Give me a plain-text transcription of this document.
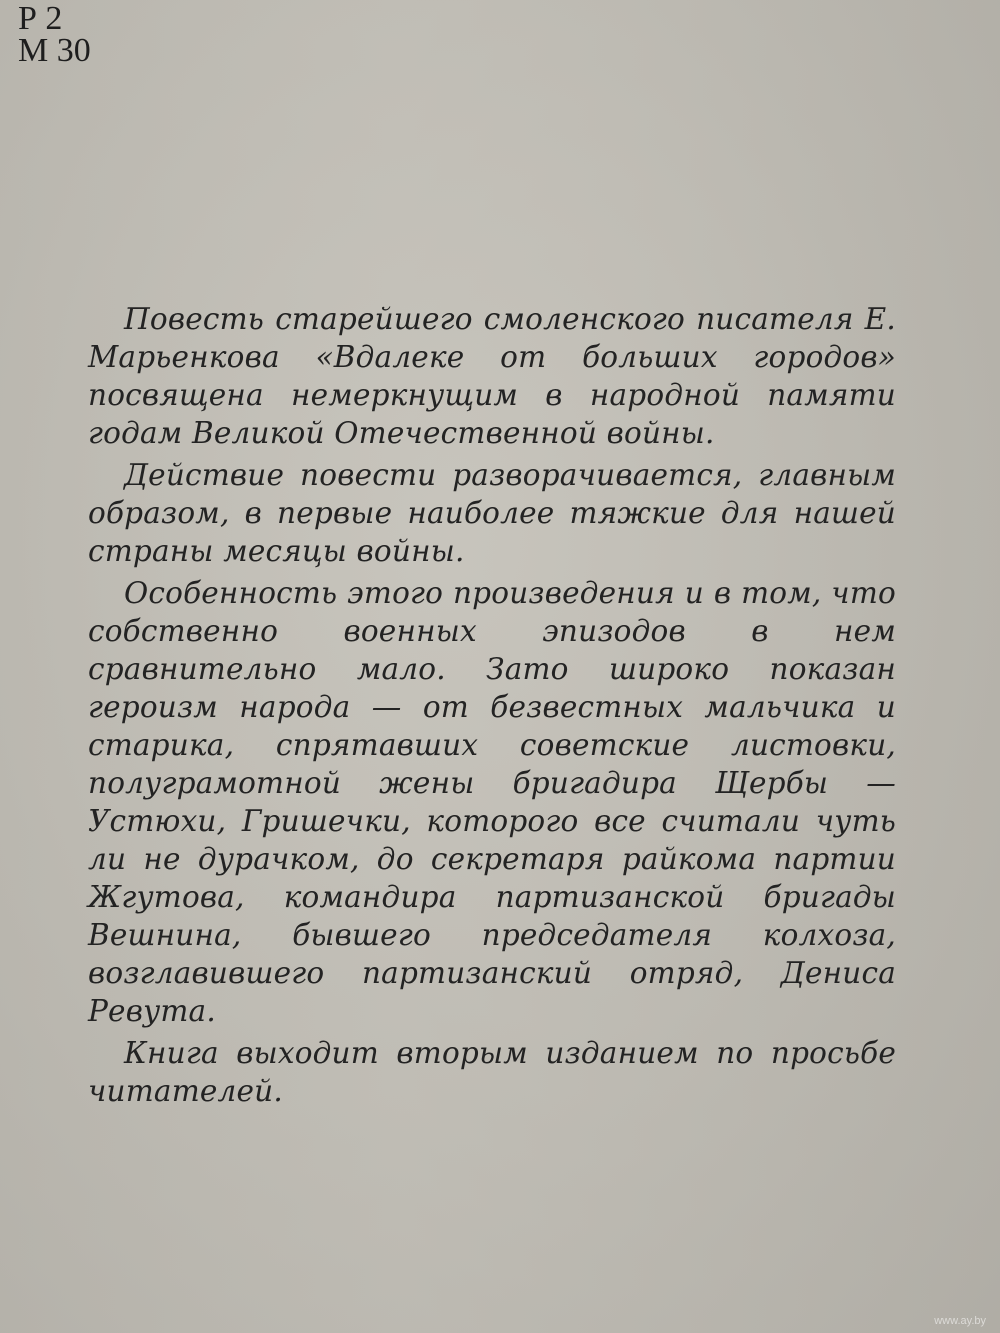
Р 2
М 30

Повесть старейшего смоленского писателя Е. Марьенкова «Вдалеке от больших городов» посвящена немеркнущим в народной памяти годам Великой Отечественной войны.

Действие повести разворачивается, главным образом, в первые наиболее тяжкие для нашей страны месяцы войны.

Особенность этого произведения и в том, что собственно военных эпизодов в нем сравнительно мало. Зато широко показан героизм народа — от безвестных мальчика и старика, спрятавших советские листовки, полуграмотной жены бригадира Щербы — Устюхи, Гришечки, которого все считали чуть ли не дурачком, до секретаря райкома партии Жгутова, командира партизанской бригады Вешнина, бывшего председателя колхоза, возглавившего партизанский отряд, Дениса Ревута.

Книга выходит вторым изданием по просьбе читателей.

www.ay.by
